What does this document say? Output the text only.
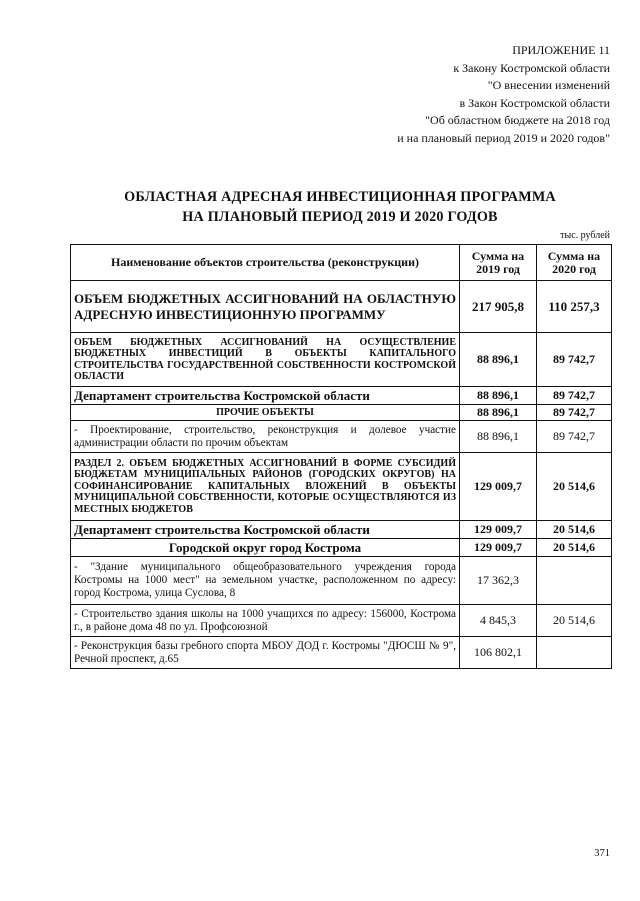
ПРИЛОЖЕНИЕ 11
к Закону Костромской области
"О внесении изменений
в Закон Костромской области
"Об областном бюджете на 2018 год
и на плановый период 2019 и 2020 годов"
ОБЛАСТНАЯ АДРЕСНАЯ ИНВЕСТИЦИОННАЯ ПРОГРАММА
НА ПЛАНОВЫЙ ПЕРИОД 2019 И 2020 ГОДОВ
тыс. рублей
Наименование объектов строительства (реконструкции)	Сумма на 2019 год	Сумма на 2020 год
ОБЪЕМ БЮДЖЕТНЫХ АССИГНОВАНИЙ НА ОБЛАСТНУЮ АДРЕСНУЮ ИНВЕСТИЦИОННУЮ ПРОГРАММУ	217 905,8	110 257,3
ОБЪЕМ БЮДЖЕТНЫХ АССИГНОВАНИЙ НА ОСУЩЕСТВЛЕНИЕ БЮДЖЕТНЫХ ИНВЕСТИЦИЙ В ОБЪЕКТЫ КАПИТАЛЬНОГО СТРОИТЕЛЬСТВА ГОСУДАРСТВЕННОЙ СОБСТВЕННОСТИ КОСТРОМСКОЙ ОБЛАСТИ	88 896,1	89 742,7
Департамент строительства Костромской области	88 896,1	89 742,7
ПРОЧИЕ ОБЪЕКТЫ	88 896,1	89 742,7
- Проектирование, строительство, реконструкция и долевое участие администрации области по прочим объектам	88 896,1	89 742,7
РАЗДЕЛ 2. ОБЪЕМ БЮДЖЕТНЫХ АССИГНОВАНИЙ В ФОРМЕ СУБСИДИЙ БЮДЖЕТАМ МУНИЦИПАЛЬНЫХ РАЙОНОВ (ГОРОДСКИХ ОКРУГОВ) НА СОФИНАНСИРОВАНИЕ КАПИТАЛЬНЫХ ВЛОЖЕНИЙ В ОБЪЕКТЫ МУНИЦИПАЛЬНОЙ СОБСТВЕННОСТИ, КОТОРЫЕ ОСУЩЕСТВЛЯЮТСЯ ИЗ МЕСТНЫХ БЮДЖЕТОВ	129 009,7	20 514,6
Департамент строительства Костромской области	129 009,7	20 514,6
Городской округ город Кострома	129 009,7	20 514,6
- "Здание муниципального общеобразовательного учреждения города Костромы на 1000 мест" на земельном участке, расположенном по адресу: город Кострома, улица Суслова, 8	17 362,3	
- Строительство здания школы на 1000 учащихся по адресу: 156000, Кострома г., в районе дома 48 по ул. Профсоюзной	4 845,3	20 514,6
- Реконструкция базы гребного спорта МБОУ ДОД г. Костромы "ДЮСШ № 9", Речной проспект, д.65	106 802,1	
371
